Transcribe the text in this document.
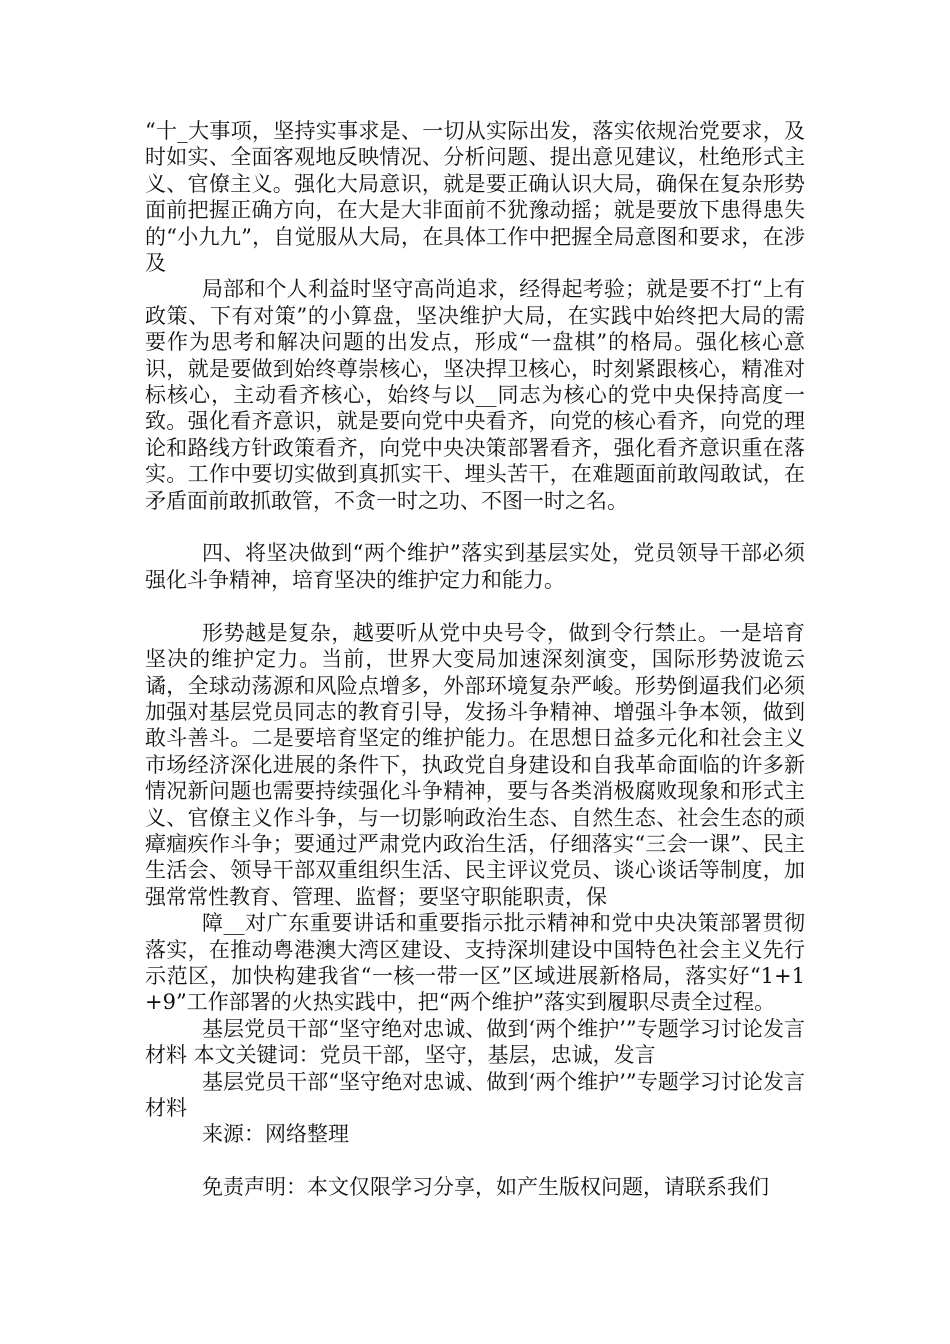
“十_大事项，坚持实事求是、一切从实际出发，落实依规治党要求，及时如实、全面客观地反映情况、分析问题、提出意见建议，杜绝形式主义、官僚主义。强化大局意识，就是要正确认识大局，确保在复杂形势面前把握正确方向，在大是大非面前不犹豫动摇；就是要放下患得患失的“小九九”，自觉服从大局，在具体工作中把握全局意图和要求，在涉及

局部和个人利益时坚守高尚追求，经得起考验；就是要不打“上有政策、下有对策”的小算盘，坚决维护大局，在实践中始终把大局的需要作为思考和解决问题的出发点，形成“一盘棋”的格局。强化核心意识，就是要做到始终尊崇核心，坚决捍卫核心，时刻紧跟核心，精准对标核心，主动看齐核心，始终与以__同志为核心的党中央保持高度一致。强化看齐意识，就是要向党中央看齐，向党的核心看齐，向党的理论和路线方针政策看齐，向党中央决策部署看齐，强化看齐意识重在落实。工作中要切实做到真抓实干、埋头苦干，在难题面前敢闯敢试，在矛盾面前敢抓敢管，不贪一时之功、不图一时之名。

四、将坚决做到“两个维护”落实到基层实处，党员领导干部必须强化斗争精神，培育坚决的维护定力和能力。

形势越是复杂，越要听从党中央号令，做到令行禁止。一是培育坚决的维护定力。当前，世界大变局加速深刻演变，国际形势波诡云谲，全球动荡源和风险点增多，外部环境复杂严峻。形势倒逼我们必须加强对基层党员同志的教育引导，发扬斗争精神、增强斗争本领，做到敢斗善斗。二是要培育坚定的维护能力。在思想日益多元化和社会主义市场经济深化进展的条件下，执政党自身建设和自我革命面临的许多新情况新问题也需要持续强化斗争精神，要与各类消极腐败现象和形式主义、官僚主义作斗争，与一切影响政治生态、自然生态、社会生态的顽瘴痼疾作斗争；要通过严肃党内政治生活，仔细落实“三会一课”、民主生活会、领导干部双重组织生活、民主评议党员、谈心谈话等制度，加强常常性教育、管理、监督；要坚守职能职责，保

障__对广东重要讲话和重要指示批示精神和党中央决策部署贯彻落实，在推动粤港澳大湾区建设、支持深圳建设中国特色社会主义先行示范区，加快构建我省“一核一带一区”区域进展新格局，落实好“1+1+9”工作部署的火热实践中，把“两个维护”落实到履职尽责全过程。

基层党员干部“坚守绝对忠诚、做到‘两个维护’”专题学习讨论发言材料 本文关键词：党员干部，坚守，基层，忠诚，发言

基层党员干部“坚守绝对忠诚、做到‘两个维护’”专题学习讨论发言材料

来源：网络整理

免责声明：本文仅限学习分享，如产生版权问题，请联系我们
